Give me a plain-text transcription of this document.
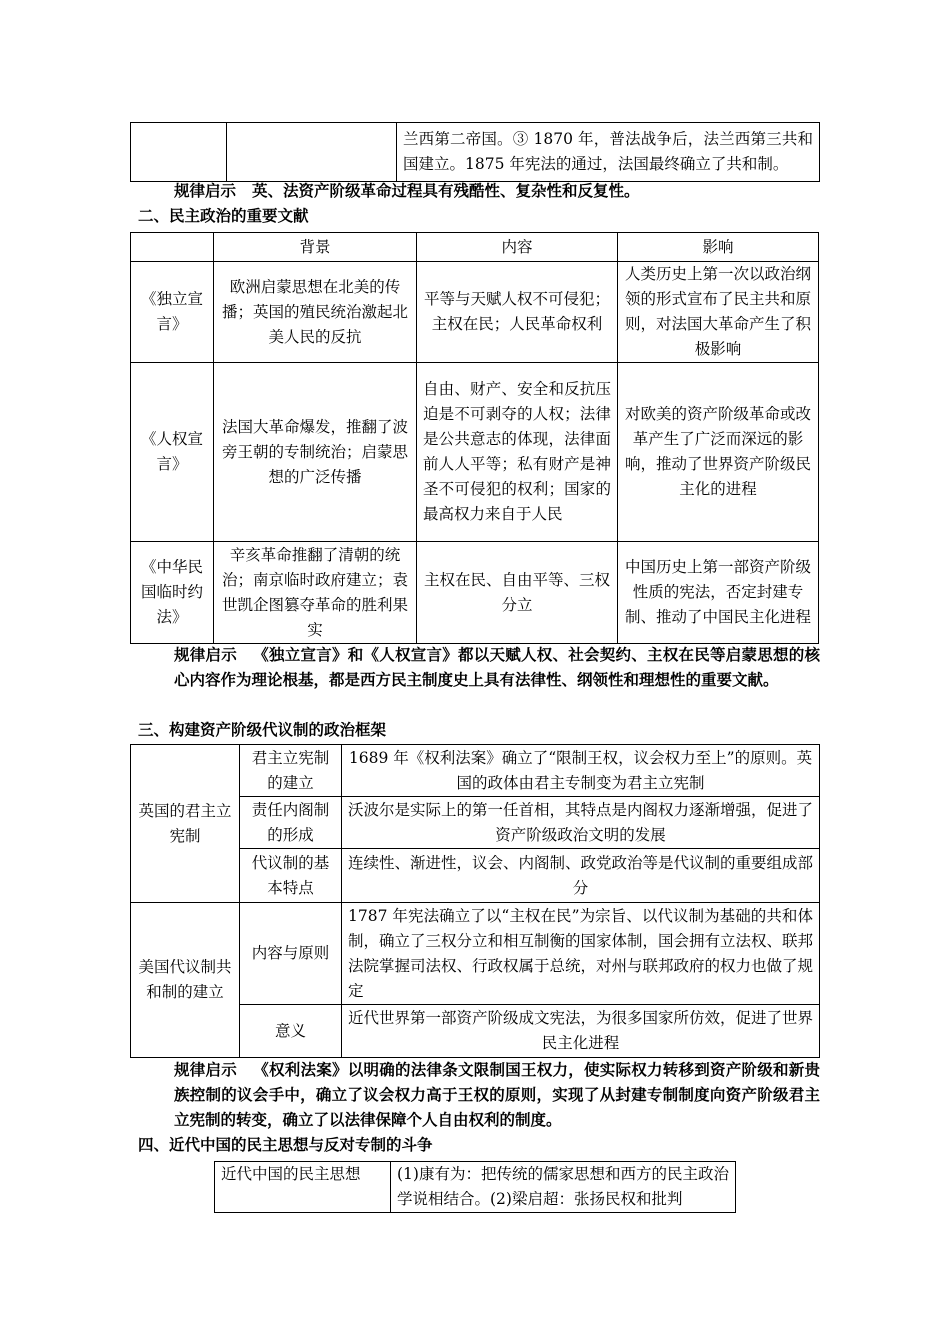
		兰西第二帝国。③ 1870 年，普法战争后，法兰西第三共和国建立。1875 年宪法的通过，法国最终确立了共和制。
规律启示 英、法资产阶级革命过程具有残酷性、复杂性和反复性。
二、民主政治的重要文献
	背景	内容	影响
《独立宣言》	欧洲启蒙思想在北美的传播；英国的殖民统治激起北美人民的反抗	平等与天赋人权不可侵犯；主权在民；人民革命权利	人类历史上第一次以政治纲领的形式宣布了民主共和原则，对法国大革命产生了积极影响
《人权宣言》	法国大革命爆发，推翻了波旁王朝的专制统治；启蒙思想的广泛传播	自由、财产、安全和反抗压迫是不可剥夺的人权；法律是公共意志的体现，法律面前人人平等；私有财产是神圣不可侵犯的权利；国家的最高权力来自于人民	对欧美的资产阶级革命或改革产生了广泛而深远的影响，推动了世界资产阶级民主化的进程
《中华民国临时约法》	辛亥革命推翻了清朝的统治；南京临时政府建立；袁世凯企图篡夺革命的胜利果实	主权在民、自由平等、三权分立	中国历史上第一部资产阶级性质的宪法，否定封建专制、推动了中国民主化进程
规律启示 《独立宣言》和《人权宣言》都以天赋人权、社会契约、主权在民等启蒙思想的核心内容作为理论根基，都是西方民主制度史上具有法律性、纲领性和理想性的重要文献。
三、构建资产阶级代议制的政治框架
英国的君主立宪制	君主立宪制的建立	1689 年《权利法案》确立了“限制王权，议会权力至上”的原则。英国的政体由君主专制变为君主立宪制
	责任内阁制的形成	沃波尔是实际上的第一任首相，其特点是内阁权力逐渐增强，促进了资产阶级政治文明的发展
	代议制的基本特点	连续性、渐进性，议会、内阁制、政党政治等是代议制的重要组成部分
美国代议制共和制的建立	内容与原则	1787 年宪法确立了以“主权在民”为宗旨、以代议制为基础的共和体制，确立了三权分立和相互制衡的国家体制，国会拥有立法权、联邦法院掌握司法权、行政权属于总统，对州与联邦政府的权力也做了规定
	意义	近代世界第一部资产阶级成文宪法，为很多国家所仿效，促进了世界民主化进程
规律启示 《权利法案》以明确的法律条文限制国王权力，使实际权力转移到资产阶级和新贵族控制的议会手中，确立了议会权力高于王权的原则，实现了从封建专制制度向资产阶级君主立宪制的转变，确立了以法律保障个人自由权利的制度。
四、近代中国的民主思想与反对专制的斗争
近代中国的民主思想	(1)康有为：把传统的儒家思想和西方的民主政治学说相结合。(2)梁启超：张扬民权和批判
